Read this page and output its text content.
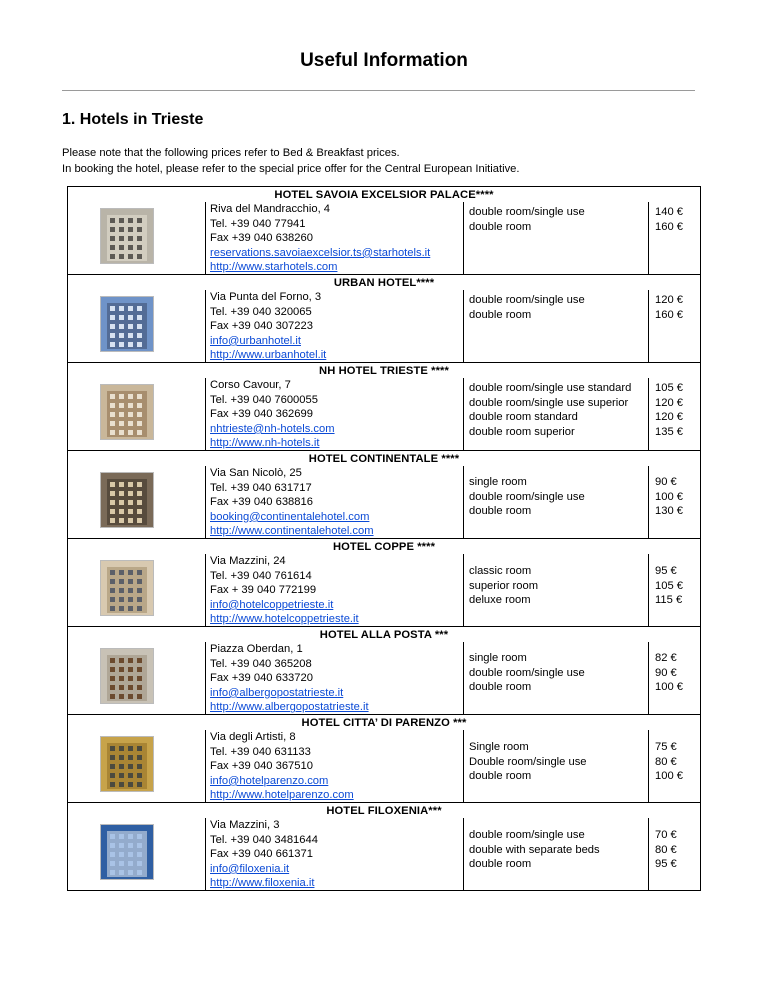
Useful Information
1. Hotels in Trieste

Please note that the following prices refer to Bed & Breakfast prices.

In booking the hotel, please refer to the special price offer for the Central European Initiative.

HOTEL SAVOIA EXCELSIOR PALACE****
Riva del Mandracchio, 4
Tel. +39 040 77941
Fax +39 040 638260
reservations.savoiaexcelsior.ts@starhotels.it
http://www.starhotels.com
double room/single use
double room
140 €
160 €
URBAN HOTEL****
Via Punta del Forno, 3
Tel. +39 040 320065
Fax +39 040 307223
info@urbanhotel.it
http://www.urbanhotel.it
double room/single use
double room
120 €
160 €
NH HOTEL TRIESTE ****
Corso Cavour, 7
Tel. +39 040 7600055
Fax +39 040 362699
nhtrieste@nh-hotels.com
http://www.nh-hotels.it
double room/single use standard
double room/single use superior
double room standard
double room superior
105 €
120 €
120 €
135 €
HOTEL CONTINENTALE ****
Via San Nicolò, 25
Tel. +39 040 631717
Fax +39 040 638816
booking@continentalehotel.com
http://www.continentalehotel.com
single room
double room/single use
double room
90 €
100 €
130 €
HOTEL COPPE ****
Via Mazzini, 24
Tel. +39 040 761614
Fax + 39 040 772199
info@hotelcoppetrieste.it
http://www.hotelcoppetrieste.it
classic room
superior room
deluxe room
95 €
105 €
115 €
HOTEL ALLA POSTA ***
Piazza Oberdan, 1
Tel. +39 040 365208
Fax +39 040 633720
info@albergopostatrieste.it
http://www.albergopostatrieste.it
single room
double room/single use
double room
82 €
90 €
100 €
HOTEL CITTA’ DI PARENZO ***
Via degli Artisti, 8
Tel. +39 040 631133
Fax +39 040 367510
info@hotelparenzo.com
http://www.hotelparenzo.com
Single room
Double room/single use
double room
75 €
80 €
100 €
HOTEL FILOXENIA***
Via Mazzini, 3
Tel. +39 040 3481644
Fax +39 040 661371
info@filoxenia.it
http://www.filoxenia.it
double room/single use
double with separate beds
double room
70 €
80 €
95 €
